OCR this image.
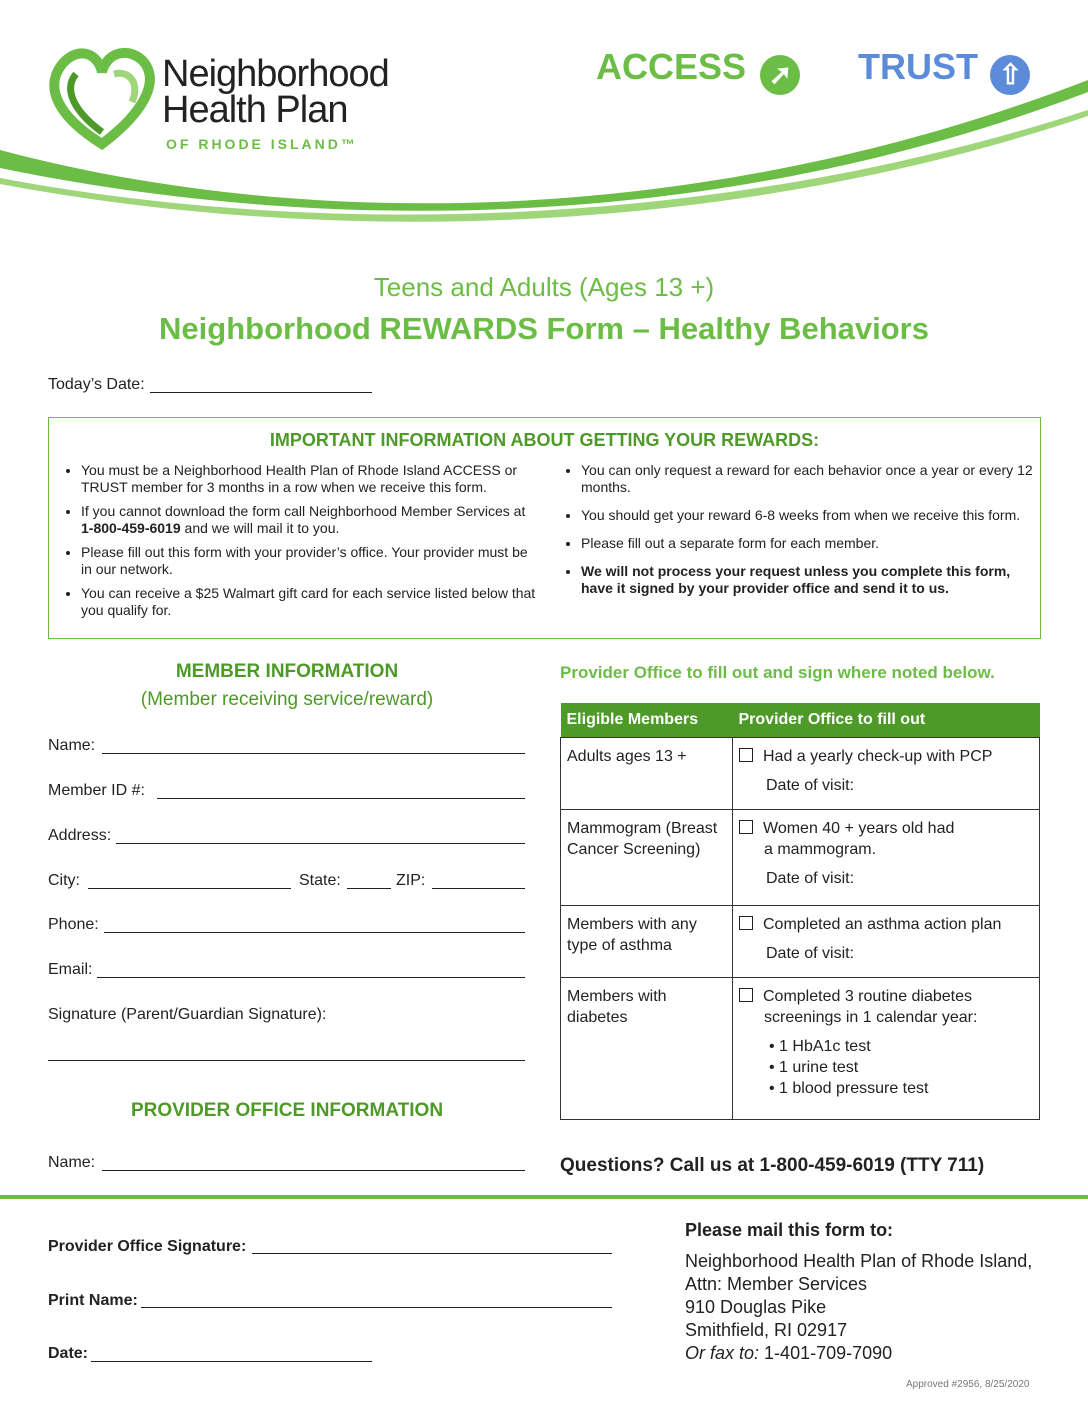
Neighborhood
Health Plan
OF RHODE ISLAND™
ACCESS ➚ TRUST ⇧
Teens and Adults (Ages 13 +)
Neighborhood REWARDS Form – Healthy Behaviors
Today’s Date:
IMPORTANT INFORMATION ABOUT GETTING YOUR REWARDS:
• You must be a Neighborhood Health Plan of Rhode Island ACCESS or TRUST member for 3 months in a row when we receive this form.
• If you cannot download the form call Neighborhood Member Services at 1-800-459-6019 and we will mail it to you.
• Please fill out this form with your provider’s office. Your provider must be in our network.
• You can receive a $25 Walmart gift card for each service listed below that you qualify for.
• You can only request a reward for each behavior once a year or every 12 months.
• You should get your reward 6-8 weeks from when we receive this form.
• Please fill out a separate form for each member.
• We will not process your request unless you complete this form, have it signed by your provider office and send it to us.
MEMBER INFORMATION
(Member receiving service/reward)
Name:
Member ID #:
Address:
City:	State:	ZIP:
Phone:
Email:
Signature (Parent/Guardian Signature):
PROVIDER OFFICE INFORMATION
Name:
Provider Office to fill out and sign where noted below.
Eligible Members	Provider Office to fill out
Adults ages 13 +	Had a yearly check-up with PCP
Date of visit:

Mammogram (Breast Cancer Screening)	Women 40 + years old had
a mammogram.
Date of visit:

Members with any type of asthma	Completed an asthma action plan
Date of visit:

Members with diabetes	Completed 3 routine diabetes
screenings in 1 calendar year:
• 1 HbA1c test
• 1 urine test
• 1 blood pressure test
Questions? Call us at 1-800-459-6019 (TTY 711)
Provider Office Signature:
Print Name:
Date:
Please mail this form to:
Neighborhood Health Plan of Rhode Island,
Attn: Member Services
910 Douglas Pike
Smithfield, RI 02917
Or fax to: 1-401-709-7090
Approved #2956, 8/25/2020
